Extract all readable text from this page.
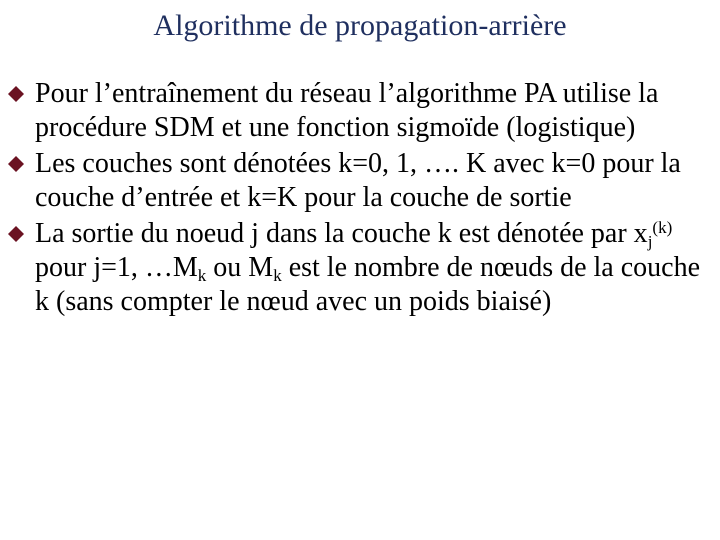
Algorithme de propagation-arrière
Pour l’entraînement du réseau l’algorithme PA utilise la procédure SDM et une fonction sigmoïde (logistique)
Les couches sont dénotées k=0, 1, …. K avec k=0 pour la couche d’entrée et k=K pour la couche de sortie
La sortie du noeud j dans la couche k est dénotée par $x_j^{(k)}$ pour j=1, $\dots M_k$ ou $M_k$ est le nombre de nœuds de la couche k (sans compter le nœud avec un poids biaisé)
